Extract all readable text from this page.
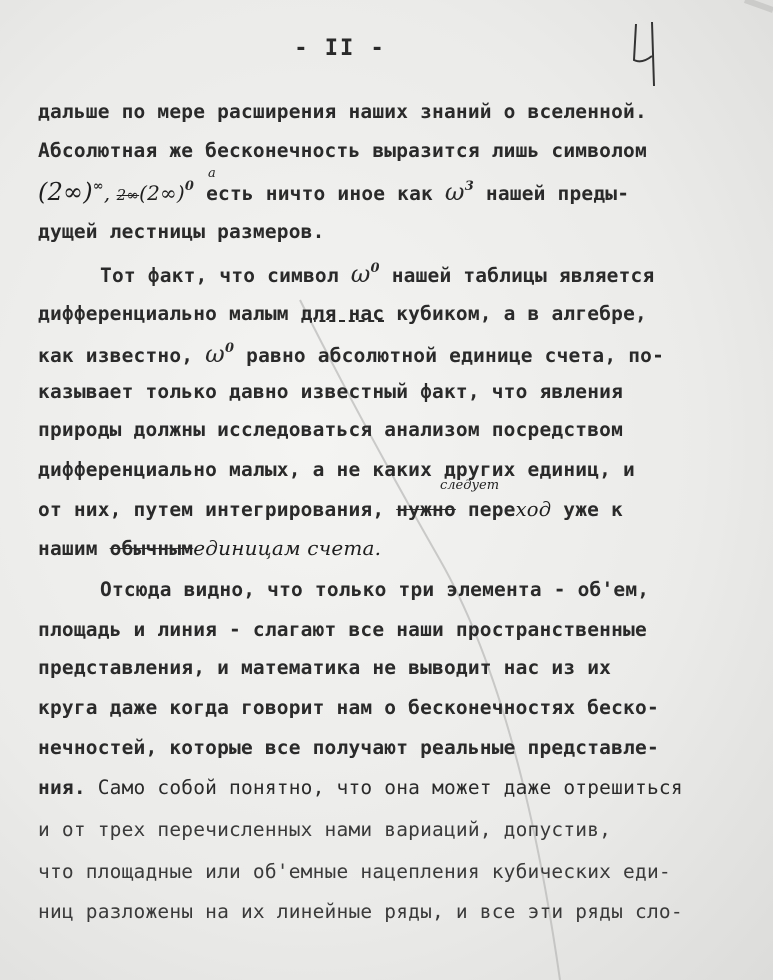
- II -
дальше по мере расширения наших знаний о вселенной.
Абсолютная же бесконечность выразится лишь символом
(2∞)∞, $2\infty(2\infty)^0$ есть ничто иное как $\omega^3$ нашей преды-
a
дущей лестницы размеров.
Тот факт, что символ $\omega^0$ нашей таблицы является
дифференциально малым для нас кубиком, а в алгебре,
как известно, $\omega^0$ равно абсолютной единице счета, по-
казывает только давно известный факт, что явления
природы должны исследоваться анализом посредством
дифференциально малых, а не каких других единиц, и
следует
от них, путем интегрирования, нужно переход уже к
нашим обычнымединицам счета.
Отсюда видно, что только три элемента - об'ем,
площадь и линия - слагают все наши пространственные
представления, и математика не выводит нас из их
круга даже когда говорит нам о бесконечностях беско-
нечностей, которые все получают реальные представле-
ния. Само собой понятно, что она может даже отрешиться
и от трех перечисленных нами вариаций, допустив,
что площадные или об'емные нацепления кубических еди-
ниц разложены на их линейные ряды, и все эти ряды сло-
